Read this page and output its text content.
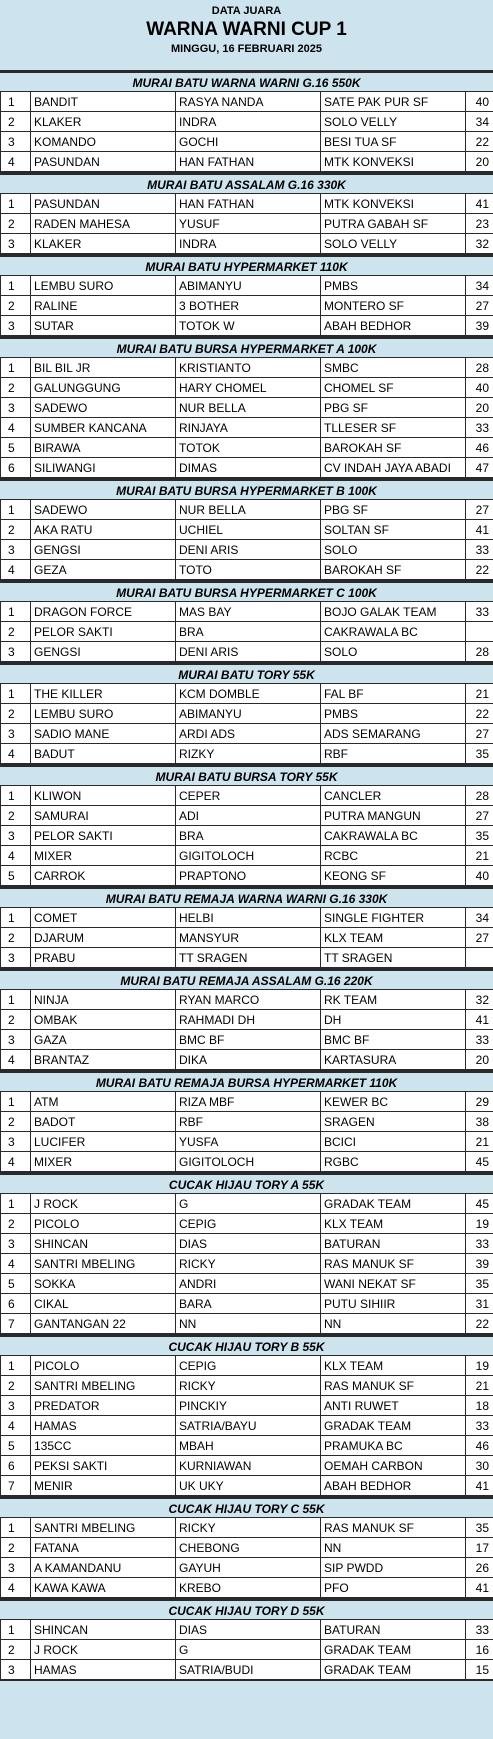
DATA JUARA
WARNA WARNI CUP 1
MINGGU, 16 FEBRUARI 2025
MURAI BATU WARNA WARNI G.16 550K
1	BANDIT	RASYA NANDA	SATE PAK PUR SF	40
2	KLAKER	INDRA	SOLO VELLY	34
3	KOMANDO	GOCHI	BESI TUA SF	22
4	PASUNDAN	HAN FATHAN	MTK KONVEKSI	20
MURAI BATU ASSALAM G.16 330K
1	PASUNDAN	HAN FATHAN	MTK KONVEKSI	41
2	RADEN MAHESA	YUSUF	PUTRA GABAH SF	23
3	KLAKER	INDRA	SOLO VELLY	32
MURAI BATU HYPERMARKET 110K
1	LEMBU SURO	ABIMANYU	PMBS	34
2	RALINE	3 BOTHER	MONTERO SF	27
3	SUTAR	TOTOK W	ABAH BEDHOR	39
MURAI BATU BURSA HYPERMARKET A 100K
1	BIL BIL JR	KRISTIANTO	SMBC	28
2	GALUNGGUNG	HARY CHOMEL	CHOMEL SF	40
3	SADEWO	NUR BELLA	PBG SF	20
4	SUMBER KANCANA	RINJAYA	TLLESER SF	33
5	BIRAWA	TOTOK	BAROKAH SF	46
6	SILIWANGI	DIMAS	CV INDAH JAYA ABADI	47
MURAI BATU BURSA HYPERMARKET B 100K
1	SADEWO	NUR BELLA	PBG SF	27
2	AKA RATU	UCHIEL	SOLTAN SF	41
3	GENGSI	DENI ARIS	SOLO	33
4	GEZA	TOTO	BAROKAH SF	22
MURAI BATU BURSA HYPERMARKET C 100K
1	DRAGON FORCE	MAS BAY	BOJO GALAK TEAM	33
2	PELOR SAKTI	BRA	CAKRAWALA BC	
3	GENGSI	DENI ARIS	SOLO	28
MURAI BATU TORY 55K
1	THE KILLER	KCM DOMBLE	FAL BF	21
2	LEMBU SURO	ABIMANYU	PMBS	22
3	SADIO MANE	ARDI ADS	ADS SEMARANG	27
4	BADUT	RIZKY	RBF	35
MURAI BATU BURSA TORY 55K
1	KLIWON	CEPER	CANCLER	28
2	SAMURAI	ADI	PUTRA MANGUN	27
3	PELOR SAKTI	BRA	CAKRAWALA BC	35
4	MIXER	GIGITOLOCH	RCBC	21
5	CARROK	PRAPTONO	KEONG SF	40
MURAI BATU REMAJA WARNA WARNI G.16 330K
1	COMET	HELBI	SINGLE FIGHTER	34
2	DJARUM	MANSYUR	KLX TEAM	27
3	PRABU	TT SRAGEN	TT SRAGEN	
MURAI BATU REMAJA ASSALAM G.16 220K
1	NINJA	RYAN MARCO	RK TEAM	32
2	OMBAK	RAHMADI DH	DH	41
3	GAZA	BMC BF	BMC BF	33
4	BRANTAZ	DIKA	KARTASURA	20
MURAI BATU REMAJA BURSA HYPERMARKET 110K
1	ATM	RIZA MBF	KEWER BC	29
2	BADOT	RBF	SRAGEN	38
3	LUCIFER	YUSFA	BCICI	21
4	MIXER	GIGITOLOCH	RGBC	45
CUCAK HIJAU TORY A 55K
1	J ROCK	G	GRADAK TEAM	45
2	PICOLO	CEPIG	KLX TEAM	19
3	SHINCAN	DIAS	BATURAN	33
4	SANTRI MBELING	RICKY	RAS MANUK SF	39
5	SOKKA	ANDRI	WANI NEKAT SF	35
6	CIKAL	BARA	PUTU SIHIIR	31
7	GANTANGAN 22	NN	NN	22
CUCAK HIJAU TORY B 55K
1	PICOLO	CEPIG	KLX TEAM	19
2	SANTRI MBELING	RICKY	RAS MANUK SF	21
3	PREDATOR	PINCKIY	ANTI RUWET	18
4	HAMAS	SATRIA/BAYU	GRADAK TEAM	33
5	135CC	MBAH	PRAMUKA BC	46
6	PEKSI SAKTI	KURNIAWAN	OEMAH CARBON	30
7	MENIR	UK UKY	ABAH BEDHOR	41
CUCAK HIJAU TORY C 55K
1	SANTRI MBELING	RICKY	RAS MANUK SF	35
2	FATANA	CHEBONG	NN	17
3	A KAMANDANU	GAYUH	SIP PWDD	26
4	KAWA KAWA	KREBO	PFO	41
CUCAK HIJAU TORY D 55K
1	SHINCAN	DIAS	BATURAN	33
2	J ROCK	G	GRADAK TEAM	16
3	HAMAS	SATRIA/BUDI	GRADAK TEAM	15
